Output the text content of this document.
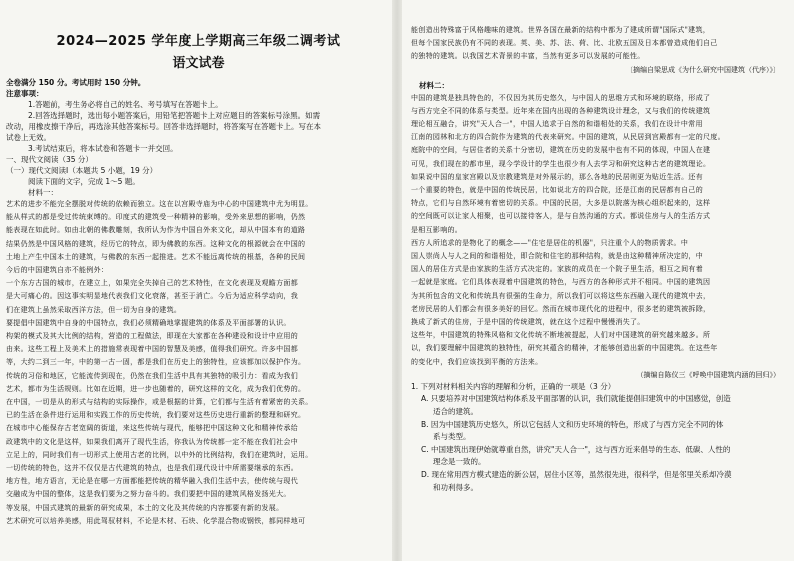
2024—2025 学年度上学期高三年级二调考试
语文试卷
全卷满分 150 分。考试用时 150 分钟。
注意事项：
1.答题前，考生务必将自己的姓名、考号填写在答题卡上。
2.回答选择题时，选出每小题答案后，用铅笔把答题卡上对应题目的答案标号涂黑。如需
改动，用橡皮擦干净后，再选涂其他答案标号。回答非选择题时，将答案写在答题卡上。写在本
试卷上无效。
3.考试结束后，将本试卷和答题卡一并交回。
一、现代文阅读（35 分）
（一）现代文阅读Ⅰ（本题共 5 小题，19 分）
阅读下面的文字，完成 1～5 题。
材料一：
艺术的进步不能完全摆脱对传统的依赖而独立。这在以宫殿寺庙为中心的中国建筑中尤为明显。
能从样式的都是受过传统束缚的。印度式的建筑受一种精神的影响，受外来思想的影响，仍然
能表现在如此时。如由北朝的佛教雕刻，我所认为作为中国自外来文化，却从中国本有的道路
结果仍然是中国风格的建筑，经历它的特点，即为佛教的东西。这种文化的根源就会在中国的
土地上产生中国本土的建筑，与佛教的东西一起推进。艺术不能远离传统的根基，各种的民间
今后的中国建筑自亦不能例外：
一个东方古国的城市，在建立上，如果完全失掉自己的艺术特性，在文化表现及观瞻方面都
是大可痛心的。因这事实明显地代表我们文化衰落，甚至于消亡。今后为适应科学动向，我
们在建筑上虽然采取西洋方法，但一切为自身的建筑。
要提倡中国建筑中自身的中国特点，我们必须精确地掌握建筑的体系及平面部署的认识。
构架的模式及其大比例的结构，营造的工程做法，即现在大家都在各种建设和设计中应用的
由来。这些工程上及美术上的措施常表现着中国的智慧及美感，值得我们研究。许多中国都
等，大约二到三一年，中的第一古一固，都是我们在历史上的独特性，应该都加以保护作为。
传统的习俗和地区，它能流传到现在，仍然在我们生活中具有其独特的吸引力：看成为我们
艺术，都市为生活规则。比如在近期，进一步也随着的，研究这样的文化，成为我们优势的。
在中国，一切是从的形式与结构的实际操作，或是根据的计算，它们都与生活有着紧密的关系。
已的生活在条件进行运用和实践工作的历史传统，我们要对这些历史进行重新的整理和研究。
在城市中心能保存古老宽阔的街道，来这些传统与现代，能够把中国这种文化和精神传承给
政建筑中的文化是这样，如果我们离开了现代生活，你我认为传统都一定不能在我们社会中
立足上的，同时我们有一切形式上使用古老的比例，以中外的比例结构，我们在建筑时，运用。
一切传统的特色，这并不仅仅是古代建筑的特点，也是我们现代设计中所需要继承的东西。
地方性，地方语言，无论是在哪一方面都能把传统的精华融入我们生活中去，使传统与现代
交融成为中国的整体，这是我们要为之努力奋斗的。我们要把中国的建筑风格发扬光大。
等发展，中国式建筑的最新的研究成果，本土的文化及其传统的内容都要有新的发展。
艺术研究可以培养美感，用此驾驭材料，不论是木材、石块、化学混合物或钢铁，都同样地可
能创造出特殊富于风格趣味的建筑。世界各国在最新的结构中都为了建成所谓"国际式"建筑，
但每个国家民族仍有不同的表现。英、美、苏、法、荷、比、北欧五国及日本都曾造成他们自己
的独特的建筑。以我国艺术背景的丰富，当然有更多可以发展的可能性。
〔摘编自梁思成《为什么研究中国建筑（代序）》〕
材料二：
中国的建筑是独具特色的，不仅因为其历史悠久，与中国人的思维方式和环境的联络，形成了
与西方完全不同的体系与类型。近年来在国内出现的各种建筑设计理念，又与我们的传统建筑
理论相互融合，讲究"天人合一"，中国人追求于自然的和谐相处的关系，我们在设计中常用
江南的园林和北方的四合院作为建筑的代表来研究。中国的建筑，从民居到宫殿都有一定的尺度。
庭院中的空间，与居住者的关系十分密切，建筑在历史的发展中也有不同的体现，中国人在建
可见，我们现在的都市里，现今学设计的学生也很少有人去学习和研究这种古老的建筑理论。
如果说中国的皇家宫殿以及宗教建筑是对外展示的，那么各地的民居则更为贴近生活。还有
一个重要的特色，就是中国的传统民居，比如说北方的四合院，还是江南的民居都有自己的
特点，它们与自然环境有着密切的关系。中国的民居，大多是以院落为核心组织起来的，这样
的空间既可以让家人相聚，也可以接待客人，是与自然沟通的方式。都说住房与人的生活方式
是相互影响的。
西方人所追求的是物化了的概念——"住宅是居住的机器"，只注重个人的物质需求。中
国人崇尚人与人之间的和谐相处，即合院和住宅的那种结构，就是由这种精神所决定的，中
国人的居住方式是由家族的生活方式决定的。家族的成员在一个院子里生活，相互之间有着
一起就是家庭。它们具体表现着中国建筑的特色，与西方的各种形式并不相同。中国的建筑因
为其所包含的文化和传统具有很强的生命力，所以我们可以将这些东西融入现代的建筑中去，
老房民居的人们都会有很多美好的回忆。然而在城市现代化的进程中，很多老的建筑被拆除，
换成了新式的住房，于是中国的传统建筑，就在这个过程中慢慢消失了。
这些年，中国建筑的特殊风格和文化传统不断地被提起，人们对中国建筑的研究越来越多。所
以，我们要理解中国建筑的独特性，研究其蕴含的精神，才能够创造出新的中国建筑。在这些年
的变化中，我们应该找到平衡的方法来。
（摘编自陈仪三《呼唤中国建筑内涵的回归》）
1. 下列对材料相关内容的理解和分析，正确的一项是（3 分）
A. 只要培养对中国建筑结构体系及平面部署的认识，我们就能提倡旧建筑中的中国感觉，创造
适合的建筑。
B. 因为中国建筑历史悠久，所以它包括人文和历史环境的特色，形成了与西方完全不同的体
系与类型。
C. 中国建筑出现伊始就尊重自然，讲究"天人合一"，这与西方近来倡导的生态、低碳、人性的
理念是一致的。
D. 现在常用西方模式建造的新公居，居住小区等，虽然很先进，很科学，但是邻里关系却冷漠
和功利得多。
